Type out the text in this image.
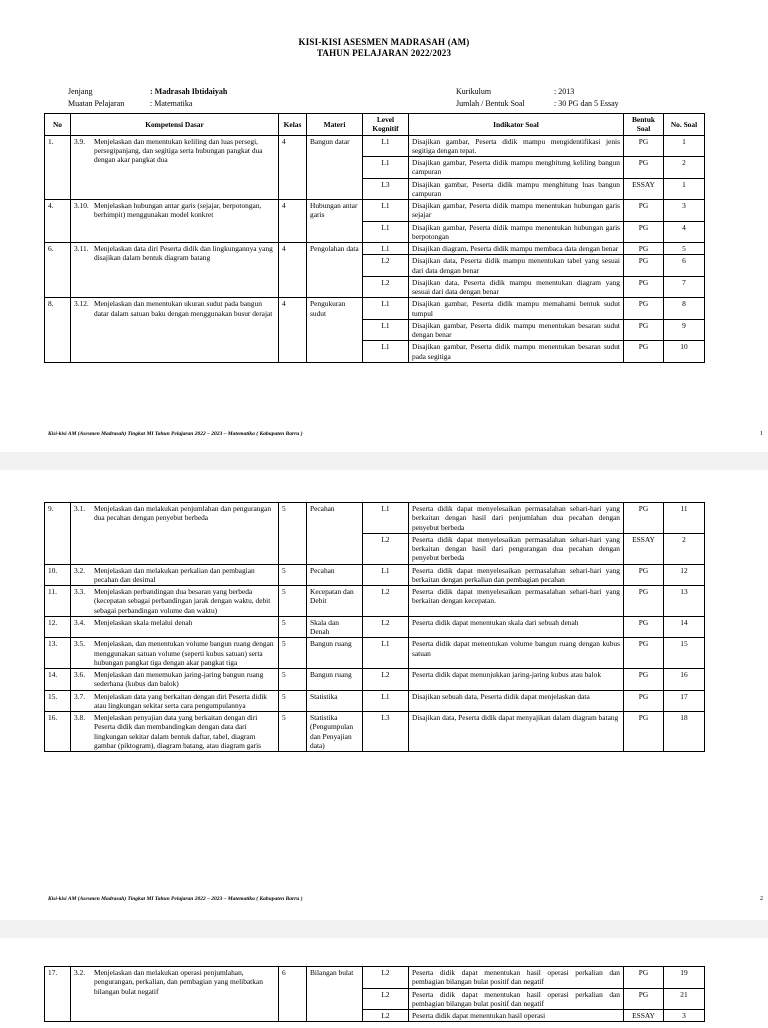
KISI-KISI ASESMEN MADRASAH (AM)
TAHUN PELAJARAN 2022/2023
Jenjang	: Madrasah Ibtidaiyah
Muatan Pelajaran	: Matematika
Kurikulum	: 2013
Jumlah / Bentuk Soal	: 30 PG dan 5 Essay
No	Kompetensi Dasar	Kelas	Materi	Level Kognitif	Indikator Soal	Bentuk Soal	No. Soal
1.	3.9. Menjelaskan dan menentukan keliling dan luas persegi, persegipanjang, dan segitiga serta hubungan pangkat dua dengan akar pangkat dua	4	Bangun datar	L1	Disajikan gambar, Peserta didik mampu mengidentifikasi jenis segitiga dengan tepat.	PG	1
				L1	Disajikan gambar, Peserta didik mampu menghitung keliling bangun campuran	PG	2
				L3	Disajikan gambar, Peserta didik mampu menghitung luas bangun campuran	ESSAY	1
4.	3.10. Menjelaskan hubungan antar garis (sejajar, berpotongan, berhimpit) menggunakan model konkret	4	Hubungan antar garis	L1	Disajikan gambar, Peserta didik mampu menentukan hubungan garis sejajar	PG	3
				L1	Disajikan gambar, Peserta didik mampu menentukan hubungan garis berpotongan	PG	4
6.	3.11. Menjelaskan data diri Peserta didik dan lingkungannya yang disajikan dalam bentuk diagram batang	4	Pengolahan data	L1	Disajikan diagram, Peserta didik mampu membaca data dengan benar	PG	5
				L2	Disajikan data, Peserta didik mampu menentukan tabel yang sesuai dari data dengan benar	PG	6
				L2	Disajikan data, Peserta didik mampu menentukan diagram yang sesuai dari data dengan benar	PG	7
8.	3.12. Menjelaskan dan menentukan ukuran sudut pada bangun datar dalam satuan baku dengan menggunakan busur derajat	4	Pengukuran sudut	L1	Disajikan gambar, Peserta didik mampu memahami bentuk sudut tumpul	PG	8
				L1	Disajikan gambar, Peserta didik mampu menentukan besaran sudut dengan benar	PG	9
				L1	Disajikan gambar, Peserta didik mampu menentukan besaran sudut pada segitiga	PG	10
Kisi-kisi AM (Asesmen Madrasah) Tingkat MI Tahun Pelajaran 2022 – 2023 – Matematika ( Kabupaten Barru )	1
9.	3.1. Menjelaskan dan melakukan penjumlahan dan pengurangan dua pecahan dengan penyebut berbeda	5	Pecahan	L1	Peserta didik dapat menyelesaikan permasalahan sehari-hari yang berkaitan dengan hasil dari penjumlahan dua pecahan dengan penyebut berbeda	PG	11
				L2	Peserta didik dapat menyelesaikan permasalahan sehari-hari yang berkaitan dengan hasil dari pengurangan dua pecahan dengan penyebut berbeda	ESSAY	2
10.	3.2. Menjelaskan dan melakukan perkalian dan pembagian pecahan dan desimal	5	Pecahan	L1	Peserta didik dapat menyelesaikan permasalahan sehari-hari yang berkaitan dengan perkalian dan pembagian pecahan	PG	12
11.	3.3. Menjelaskan perbandingan dua besaran yang berbeda (kecepatan sebagai perbandingan jarak dengan waktu, debit sebagai perbandingan volume dan waktu)	5	Kecepatan dan Debit	L2	Peserta didik dapat menyelesaikan permasalahan sehari-hari yang berkaitan dengan kecepatan.	PG	13
12.	3.4. Menjelaskan skala melalui denah	5	Skala dan Denah	L2	Peserta didik dapat menentukan skala dari sebuah denah	PG	14
13.	3.5. Menjelaskan, dan menentukan volume bangun ruang dengan menggunakan satuan volume (seperti kubus satuan) serta hubungan pangkat tiga dengan akar pangkat tiga	5	Bangun ruang	L1	Peserta didik dapat menentukan volume bangun ruang dengan kubus satuan	PG	15
14.	3.6. Menjelaskan dan menemukan jaring-jaring bangun ruang sederhana (kubus dan balok)	5	Bangun ruang	L2	Peserta didik dapat menunjukkan jaring-jaring kubus atau balok	PG	16
15.	3.7. Menjelaskan data yang berkaitan dengan diri Peserta didik atau lingkungan sekitar serta cara pengumpulannya	5	Statistika	L1	Disajikan sebuah data, Peserta didik dapat menjelaskan data	PG	17
16.	3.8. Menjelaskan penyajian data yang berkaitan dengan diri Peserta didik dan membandingkan dengan data dari lingkungan sekitar dalam bentuk daftar, tabel, diagram gambar (piktogram), diagram batang, atau diagram garis	5	Statistika (Pengumpulan dan Penyajian data)	L3	Disajikan data, Peserta didik dapat menyajikan dalam diagram batang	PG	18
Kisi-kisi AM (Asesmen Madrasah) Tingkat MI Tahun Pelajaran 2022 – 2023 – Matematika ( Kabupaten Barru )	2
17.	3.2. Menjelaskan dan melakukan operasi penjumlahan, pengurangan, perkalian, dan pembagian yang melibatkan bilangan bulat negatif	6	Bilangan bulat	L2	Peserta didik dapat menentukan hasil operasi perkalian dan pembagian bilangan bulat positif dan negatif	PG	19
				L2	Peserta didik dapat menentukan hasil operasi perkalian dan pembagian bilangan bulat positif dan negatif	PG	21
				L2	Peserta didik dapat menentukan hasil operasi	ESSAY	3
